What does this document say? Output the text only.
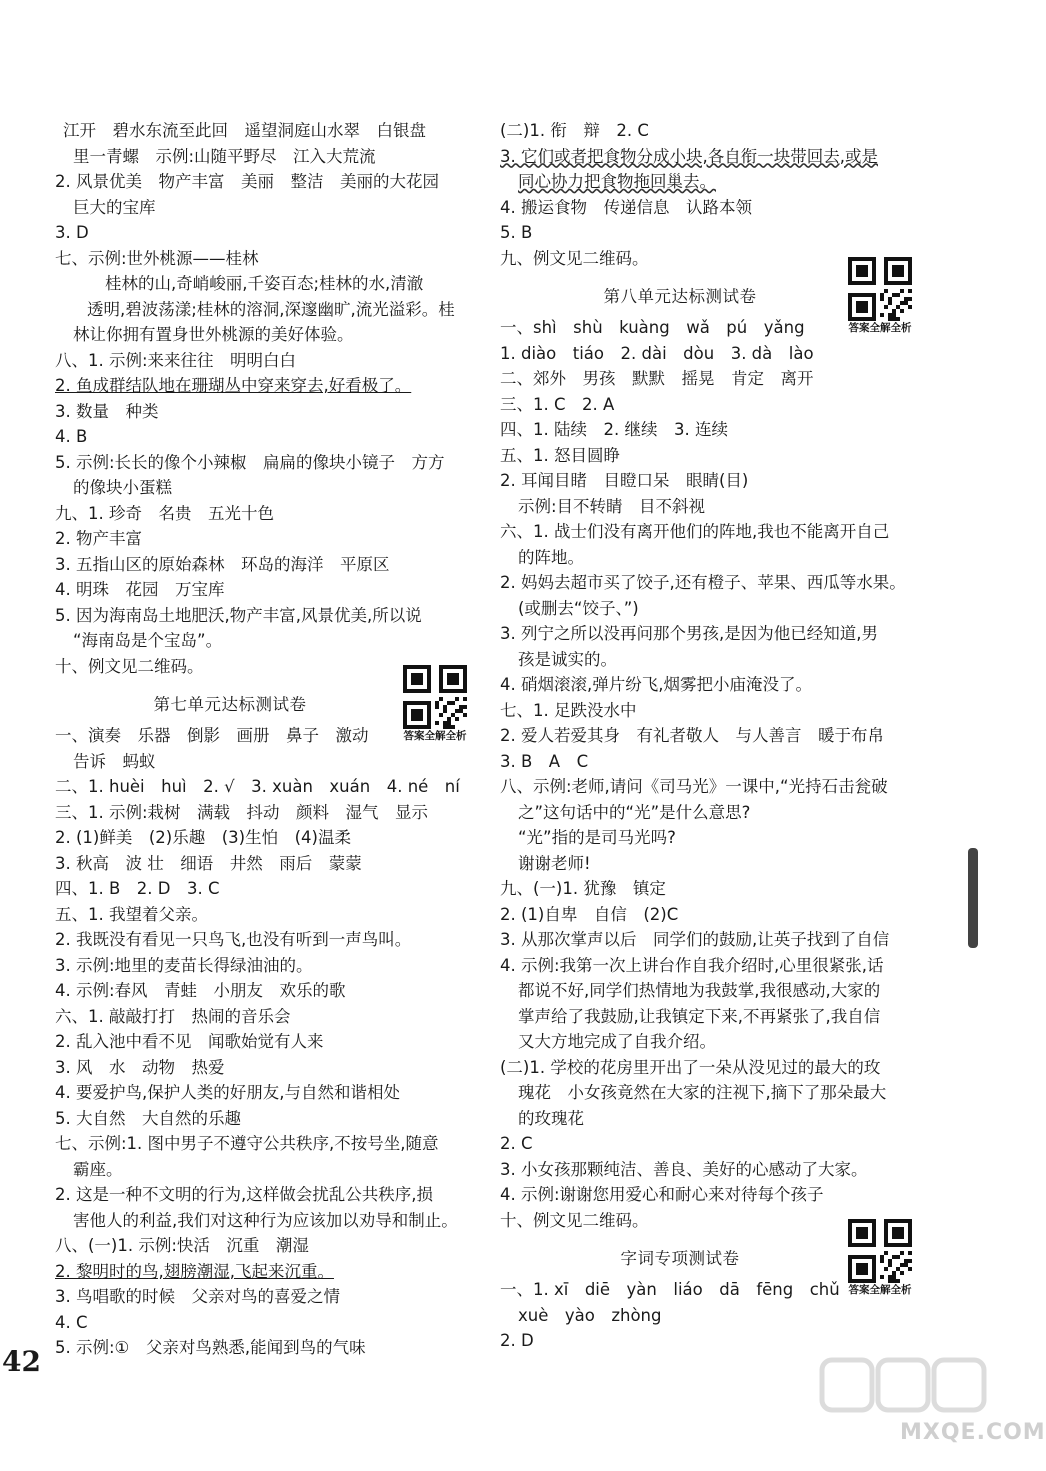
江开　碧水东流至此回　遥望洞庭山水翠　白银盘
里一青螺　示例:山随平野尽　江入大荒流
2. 风景优美　物产丰富　美丽　整洁　美丽的大花园
巨大的宝库
3. D
七、示例:世外桃源——桂林
桂林的山,奇峭峻丽,千姿百态;桂林的水,清澈
透明,碧波荡漾;桂林的溶洞,深邃幽旷,流光溢彩。桂
林让你拥有置身世外桃源的美好体验。
八、1. 示例:来来往往　明明白白
2. 鱼成群结队地在珊瑚丛中穿来穿去,好看极了。
3. 数量　种类
4. B
5. 示例:长长的像个小辣椒　扁扁的像块小镜子　方方
的像块小蛋糕
九、1. 珍奇　名贵　五光十色
2. 物产丰富
3. 五指山区的原始森林　环岛的海洋　平原区
4. 明珠　花园　万宝库
5. 因为海南岛土地肥沃,物产丰富,风景优美,所以说
“海南岛是个宝岛”。
十、例文见二维码。
第七单元达标测试卷
答案全解全析
一、演奏　乐器　倒影　画册　鼻子　激动
告诉　蚂蚁
二、1. huèi　huì　2. √　3. xuàn　xuán　4. né　ní
三、1. 示例:栽树　满载　抖动　颜料　湿气　显示
2. (1)鲜美　(2)乐趣　(3)生怕　(4)温柔
3. 秋高　波 壮　细语　井然　雨后　蒙蒙
四、1. B　2. D　3. C
五、1. 我望着父亲。
2. 我既没有看见一只鸟飞,也没有听到一声鸟叫。
3. 示例:地里的麦苗长得绿油油的。
4. 示例:春风　青蛙　小朋友　欢乐的歌
六、1. 敲敲打打　热闹的音乐会
2. 乱入池中看不见　闻歌始觉有人来
3. 风　水　动物　热爱
4. 要爱护鸟,保护人类的好朋友,与自然和谐相处
5. 大自然　大自然的乐趣
七、示例:1. 图中男子不遵守公共秩序,不按号坐,随意
霸座。
2. 这是一种不文明的行为,这样做会扰乱公共秩序,损
害他人的利益,我们对这种行为应该加以劝导和制止。
八、(一)1. 示例:快活　沉重　潮湿
2. 黎明时的鸟,翅膀潮湿,飞起来沉重。
3. 鸟唱歌的时候　父亲对鸟的喜爱之情
4. C
5. 示例:①　父亲对鸟熟悉,能闻到鸟的气味
(二)1. 衔　辩　2. C
3. 它们或者把食物分成小块,各自衔一块带回去,或是
同心协力把食物拖回巢去。
4. 搬运食物　传递信息　认路本领
5. B
九、例文见二维码。
第八单元达标测试卷
答案全解全析
一、shì　shù　kuàng　wǎ　pú　yǎng
1. diào　tiáo　2. dài　dòu　3. dà　lào
二、郊外　男孩　默默　摇晃　肯定　离开
三、1. C　2. A
四、1. 陆续　2. 继续　3. 连续
五、1. 怒目圆睁
2. 耳闻目睹　目瞪口呆　眼睛(目)
示例:目不转睛　目不斜视
六、1. 战士们没有离开他们的阵地,我也不能离开自己
的阵地。
2. 妈妈去超市买了饺子,还有橙子、苹果、西瓜等水果。
(或删去“饺子、”)
3. 列宁之所以没再问那个男孩,是因为他已经知道,男
孩是诚实的。
4. 硝烟滚滚,弹片纷飞,烟雾把小庙淹没了。
七、1. 足跌没水中
2. 爱人若爱其身　有礼者敬人　与人善言　暖于布帛
3. B　A　C
八、示例:老师,请问《司马光》一课中,“光持石击瓮破
之”这句话中的“光”是什么意思?
“光”指的是司马光吗?
谢谢老师!
九、(一)1. 犹豫　镇定
2. (1)自卑　自信　(2)C
3. 从那次掌声以后　同学们的鼓励,让英子找到了自信
4. 示例:我第一次上讲台作自我介绍时,心里很紧张,话
都说不好,同学们热情地为我鼓掌,我很感动,大家的
掌声给了我鼓励,让我镇定下来,不再紧张了,我自信
又大方地完成了自我介绍。
(二)1. 学校的花房里开出了一朵从没见过的最大的玫
瑰花　小女孩竟然在大家的注视下,摘下了那朵最大
的玫瑰花
2. C
3. 小女孩那颗纯洁、善良、美好的心感动了大家。
4. 示例:谢谢您用爱心和耐心来对待每个孩子
十、例文见二维码。
字词专项测试卷
答案全解全析
一、1. xī　diē　yàn　liáo　dā　fēng　chǔ
xuè　yào　zhòng
2. D
42
MXQE.COM
